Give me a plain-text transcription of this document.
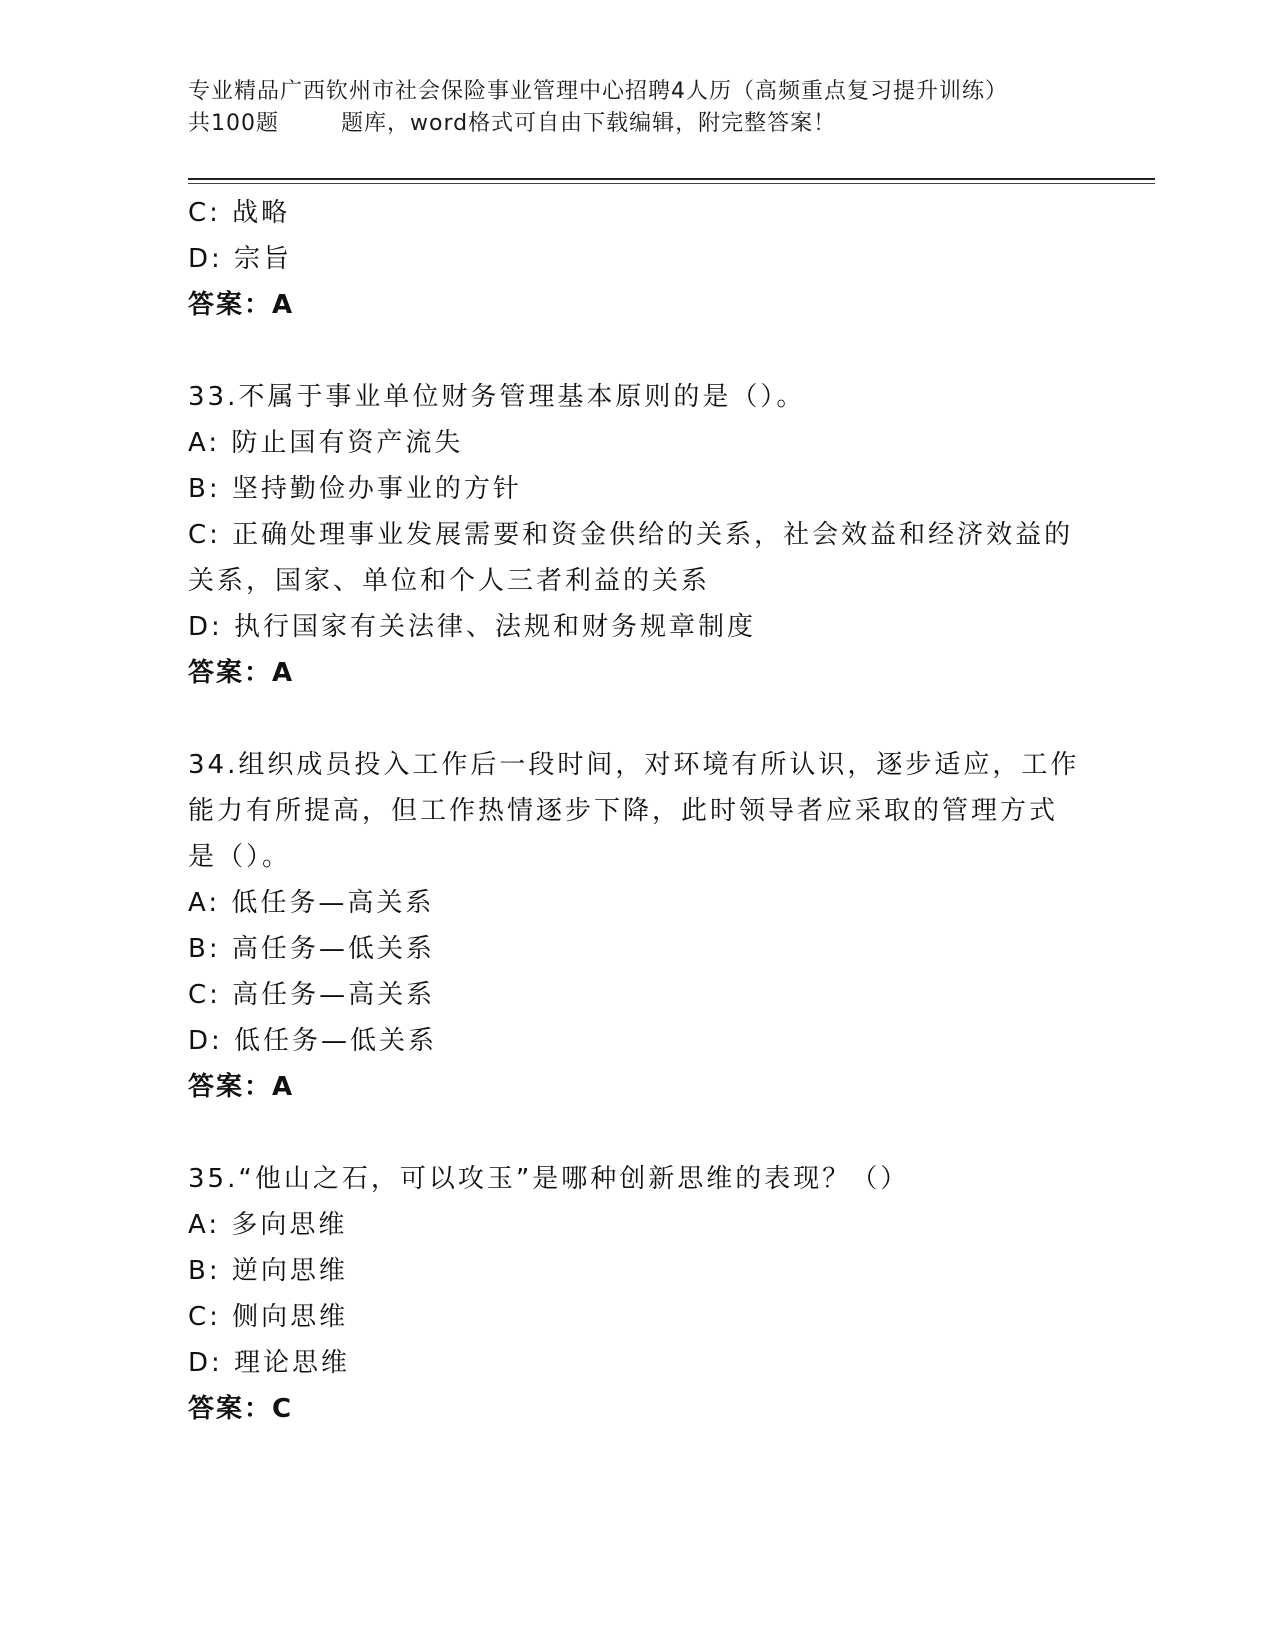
专业精品广西钦州市社会保险事业管理中心招聘4人历（高频重点复习提升训练）
共100题	题库，word格式可自由下载编辑，附完整答案！
C: 战略
D: 宗旨
答案：A
33.不属于事业单位财务管理基本原则的是（）。
A: 防止国有资产流失
B: 坚持勤俭办事业的方针
C: 正确处理事业发展需要和资金供给的关系，社会效益和经济效益的
关系，国家、单位和个人三者利益的关系
D: 执行国家有关法律、法规和财务规章制度
答案：A
34.组织成员投入工作后一段时间，对环境有所认识，逐步适应，工作
能力有所提高，但工作热情逐步下降，此时领导者应采取的管理方式
是（）。
A: 低任务—高关系
B: 高任务—低关系
C: 高任务—高关系
D: 低任务—低关系
答案：A
35.“他山之石，可以攻玉”是哪种创新思维的表现？（）
A: 多向思维
B: 逆向思维
C: 侧向思维
D: 理论思维
答案：C
